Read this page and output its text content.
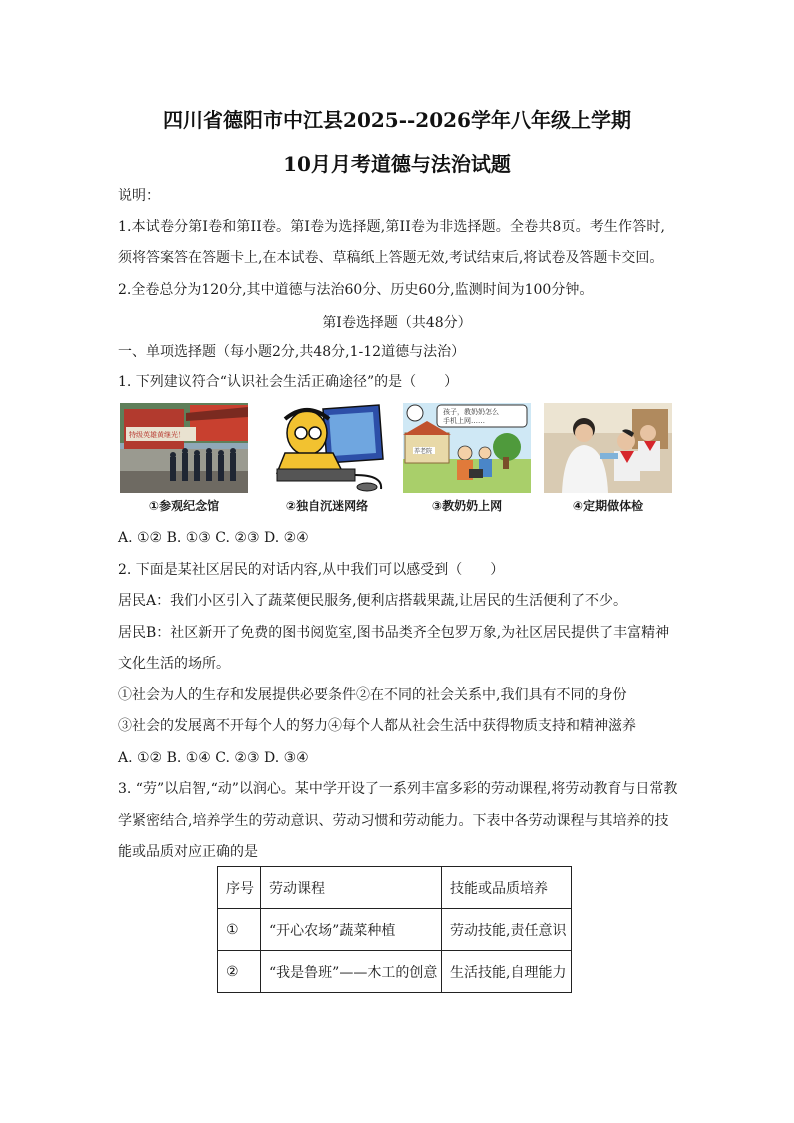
四川省德阳市中江县2025--2026学年八年级上学期
10月月考道德与法治试题
说明：
1.本试卷分第I卷和第II卷。第I卷为选择题,第II卷为非选择题。全卷共8页。考生作答时,
须将答案答在答题卡上,在本试卷、草稿纸上答题无效,考试结束后,将试卷及答题卡交回。
2.全卷总分为120分,其中道德与法治60分、历史60分,监测时间为100分钟。
第I卷选择题（共48分）
一、单项选择题（每小题2分,共48分,1-12道德与法治）
1. 下列建议符合“认识社会生活正确途径”的是（　　）
特级英雄黄继光！
①参观纪念馆	②独自沉迷网络
养老院
孩子，教奶奶怎么
手机上网……
③教奶奶上网	④定期做体检
A. ①② B. ①③ C. ②③ D. ②④
2. 下面是某社区居民的对话内容,从中我们可以感受到（　　）
居民A：我们小区引入了蔬菜便民服务,便利店搭载果蔬,让居民的生活便利了不少。
居民B：社区新开了免费的图书阅览室,图书品类齐全包罗万象,为社区居民提供了丰富精神
文化生活的场所。
①社会为人的生存和发展提供必要条件②在不同的社会关系中,我们具有不同的身份
③社会的发展离不开每个人的努力④每个人都从社会生活中获得物质支持和精神滋养
A. ①② B. ①④ C. ②③ D. ③④
3. “劳”以启智,“动”以润心。某中学开设了一系列丰富多彩的劳动课程,将劳动教育与日常教
学紧密结合,培养学生的劳动意识、劳动习惯和劳动能力。下表中各劳动课程与其培养的技
能或品质对应正确的是
序号	劳动课程	技能或品质培养
①	“开心农场”蔬菜种植	劳动技能,责任意识
②	“我是鲁班”——木工的创意	生活技能,自理能力
